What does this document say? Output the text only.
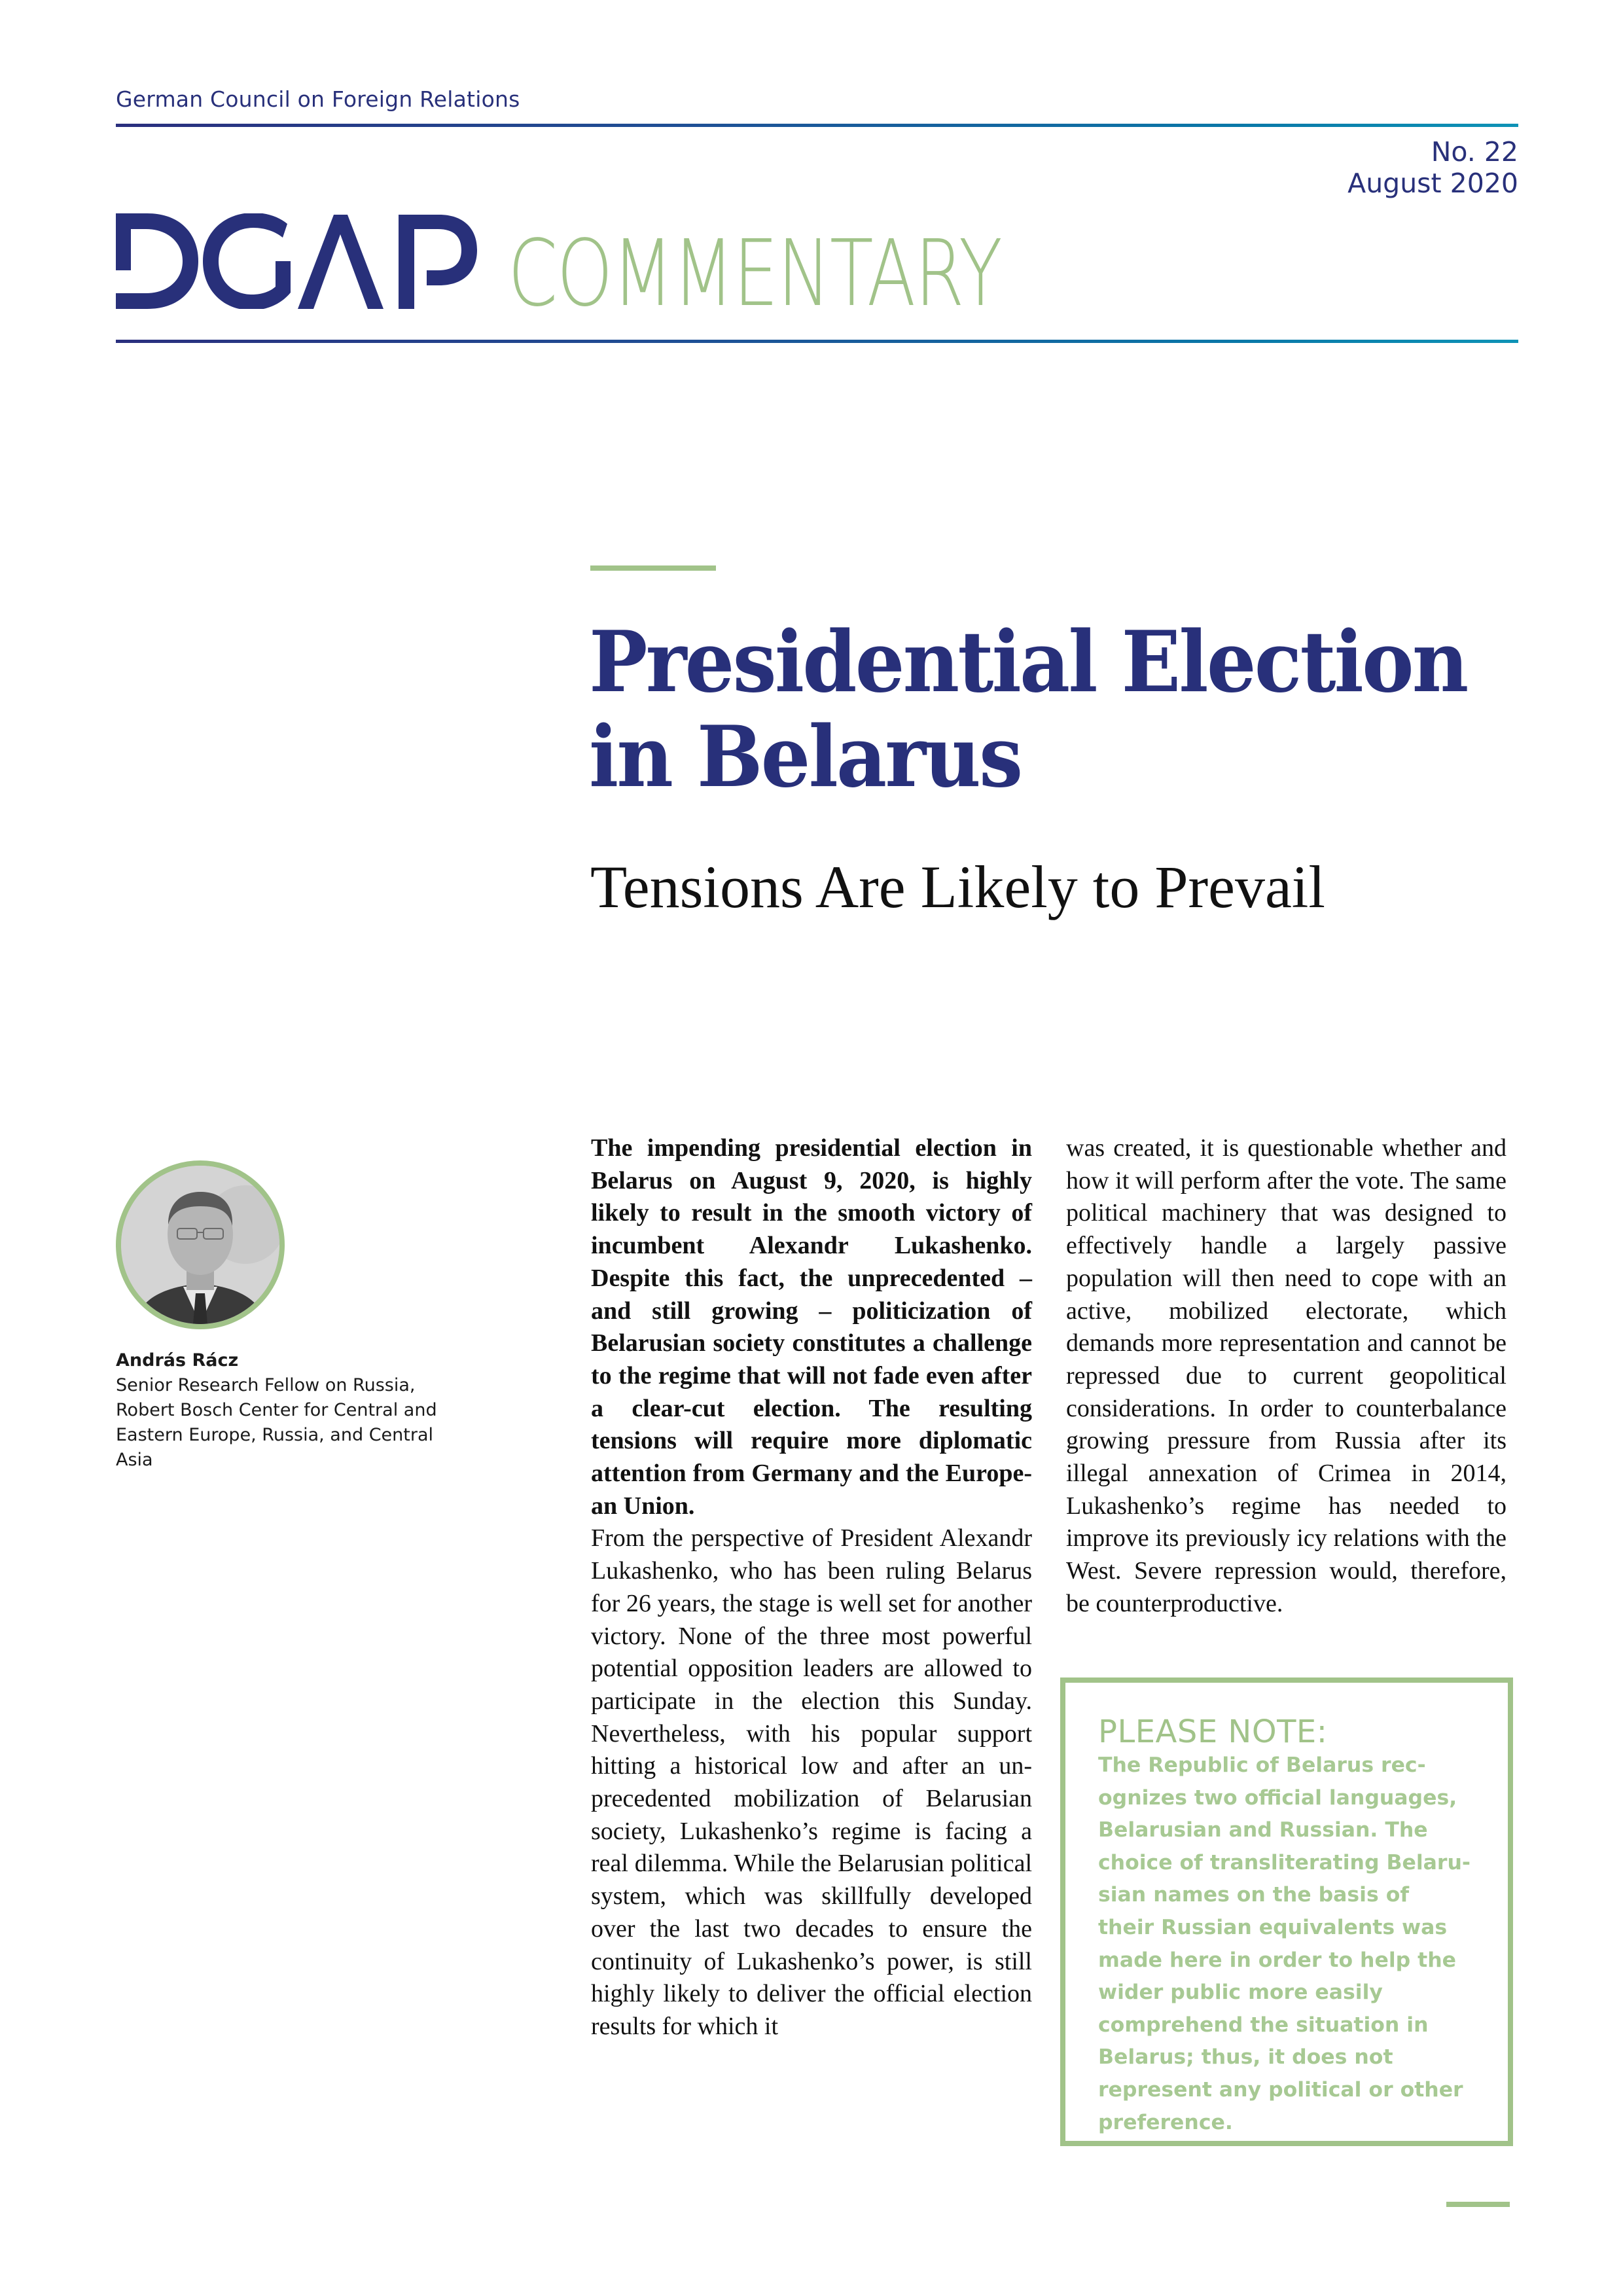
German Council on Foreign Relations
No. 22
August 2020
COMMENTARY
Presidential Election
in Belarus
Tensions Are Likely to Prevail
András Rácz
Senior Research Fellow on Russia, Robert Bosch Center for Central and Eastern Europe, Russia, and Central Asia

The impending presidential election in Belarus on August 9, 2020, is highly likely to result in the smooth victory of incumbent Alexandr Lukashenko. Despite this fact, the unprecedented – and still growing – politicization of Belarusian society constitutes a challenge to the regime that will not fade even after a clear-cut election. The resulting tensions will require more diplomatic attention from Germany and the European Union.

From the perspective of President Alexandr Lukashenko, who has been ruling Belarus for 26 years, the stage is well set for another victory. None of the three most powerful potential opposition leaders are allowed to participate in the election this Sunday. Nevertheless, with his popular support hitting a historical low and after an unprecedented mobilization of Belarusian society, Lukashenko’s regime is facing a real dilemma. While the Belarusian political system, which was skillfully developed over the last two decades to ensure the continuity of Lukashenko’s power, is still highly likely to deliver the official election results for which it

was created, it is questionable whether and how it will perform after the vote. The same political machinery that was designed to effectively handle a largely passive population will then need to cope with an active, mobilized electorate, which demands more representation and cannot be repressed due to current geopolitical considerations. In order to counterbalance growing pressure from Russia after its illegal annexation of Crimea in 2014, Lukashenko’s regime has needed to improve its previously icy relations with the West. Severe repression would, therefore, be counterproductive.

PLEASE NOTE:
The Republic of Belarus recognizes two official languages, Belarusian and Russian. The choice of transliterating Belarusian names on the basis of their Russian equivalents was made here in order to help the wider public more easily comprehend the situation in Belarus; thus, it does not represent any political or other preference.
